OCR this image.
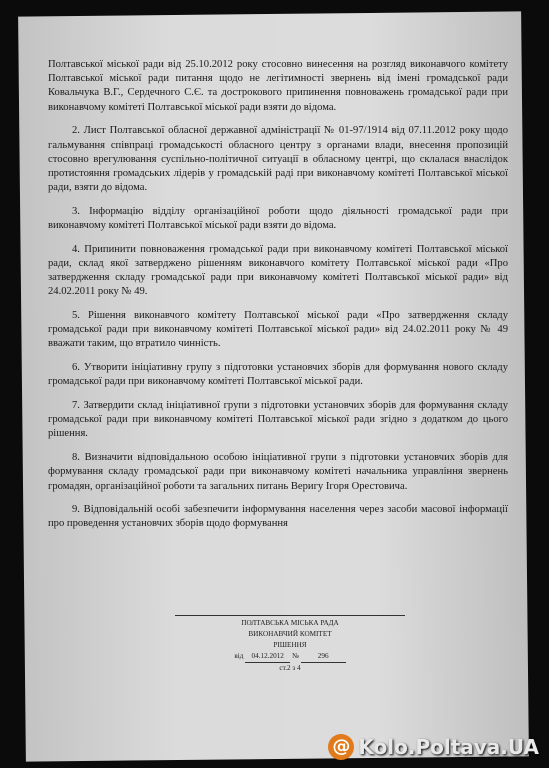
Полтавської міської ради від 25.10.2012 року стосовно винесення на розгляд виконавчого комітету Полтавської міської ради питання щодо не легітимності звернень від імені громадської ради Ковальчука В.Г., Сердечного С.Є. та дострокового припинення повноважень громадської ради при виконавчому комітеті Полтавської міської ради взяти до відома.

2. Лист Полтавської обласної державної адміністрації № 01-97/1914 від 07.11.2012 року щодо гальмування співпраці громадськості обласного центру з органами влади, внесення пропозицій стосовно врегулювання суспільно-політичної ситуації в обласному центрі, що склалася внаслідок протистояння громадських лідерів у громадській раді при виконавчому комітеті Полтавської міської ради, взяти до відома.

3. Інформацію відділу організаційної роботи щодо діяльності громадської ради при виконавчому комітеті Полтавської міської ради взяти до відома.

4. Припинити повноваження громадської ради при виконавчому комітеті Полтавської міської ради, склад якої затверджено рішенням виконавчого комітету Полтавської міської ради «Про затвердження складу громадської ради при виконавчому комітеті Полтавської міської ради» від 24.02.2011 року № 49.

5. Рішення виконавчого комітету Полтавської міської ради «Про затвердження складу громадської ради при виконавчому комітеті Полтавської міської ради» від 24.02.2011 року № 49 вважати таким, що втратило чинність.

6. Утворити ініціативну групу з підготовки установчих зборів для формування нового складу громадської ради при виконавчому комітеті Полтавської міської ради.

7. Затвердити склад ініціативної групи з підготовки установчих зборів для формування складу громадської ради при виконавчому комітеті Полтавської міської ради згідно з додатком до цього рішення.

8. Визначити відповідальною особою ініціативної групи з підготовки установчих зборів для формування складу громадської ради при виконавчому комітеті начальника управління звернень громадян, організаційної роботи та загальних питань Веригу Ігоря Орестовича.

9. Відповідальній особі забезпечити інформування населення через засоби масової інформації про проведення установчих зборів щодо формування

ПОЛТАВСЬКА МІСЬКА РАДА
ВИКОНАВЧИЙ КОМІТЕТ
РІШЕННЯ
від 04.12.2012 №	296
ст.2 з 4
@ Kolo.Poltava.UA
